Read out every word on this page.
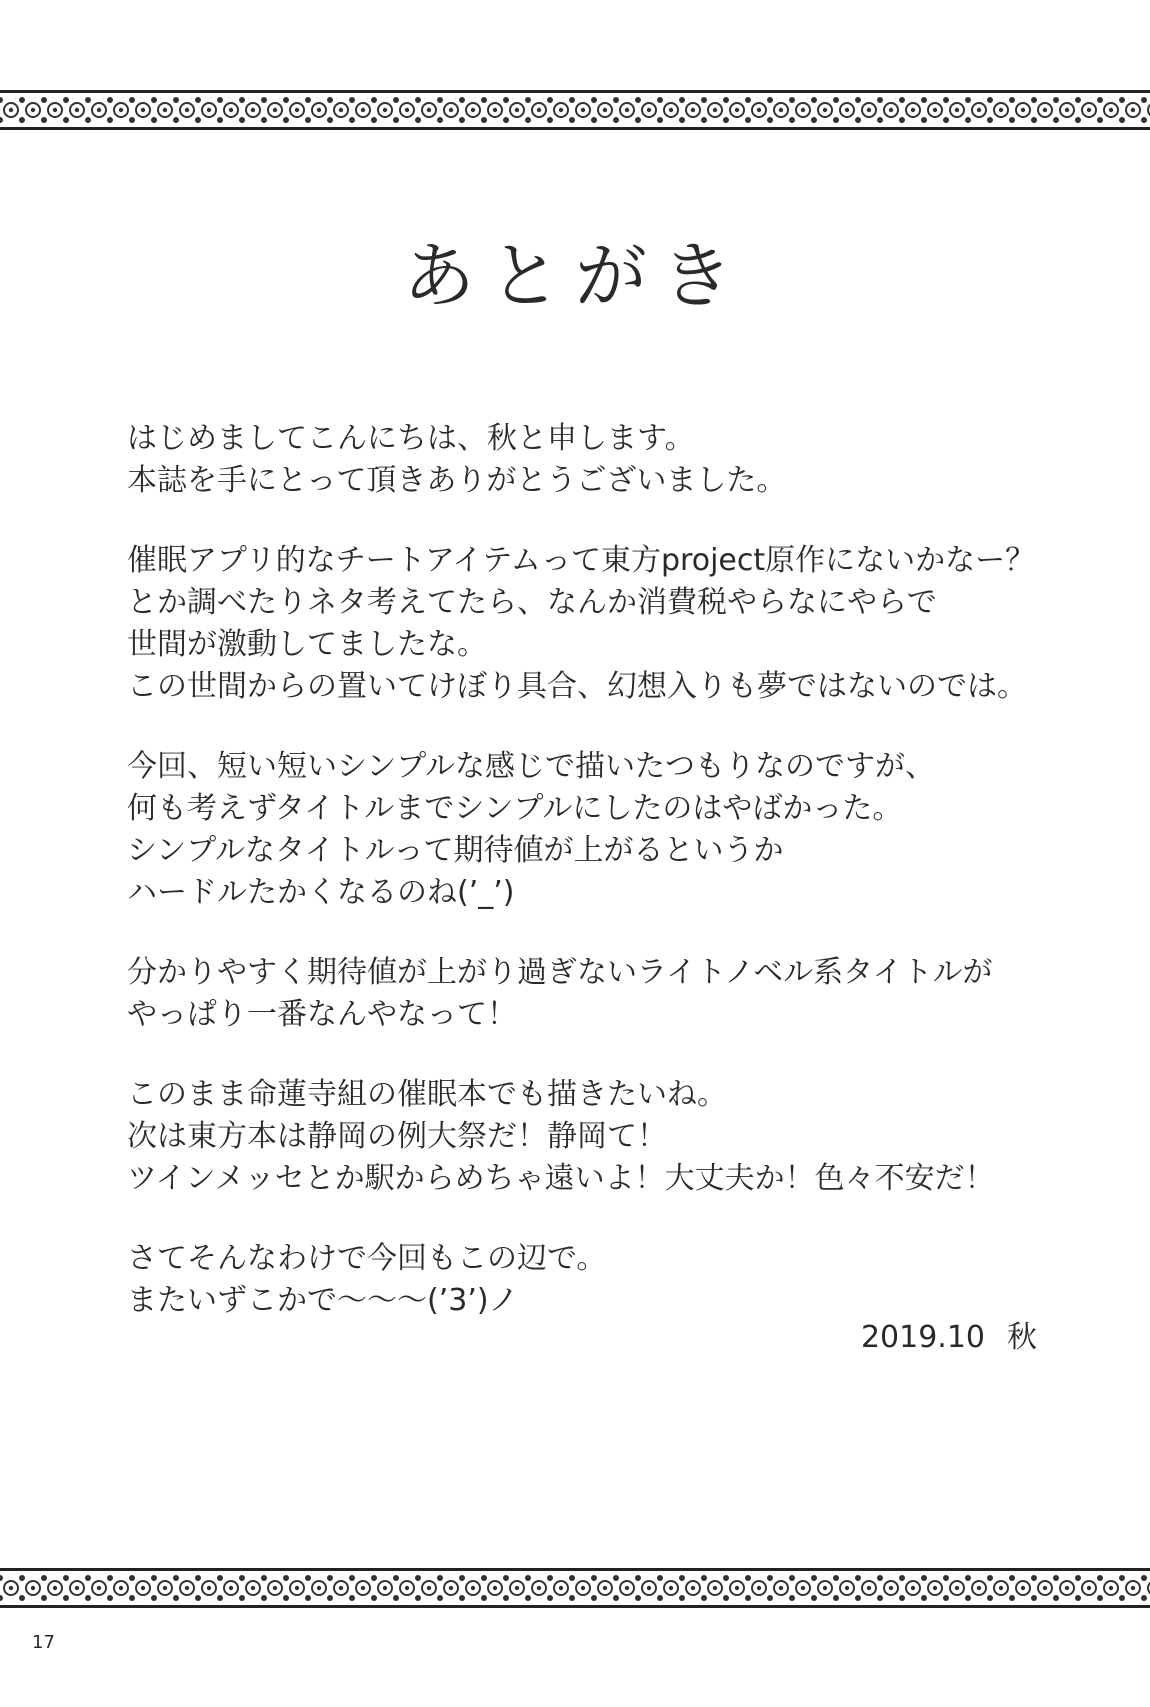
あとがき
はじめましてこんにちは、秋と申します。
本誌を手にとって頂きありがとうございました。
催眠アプリ的なチートアイテムって東方project原作にないかなー？
とか調べたりネタ考えてたら、なんか消費税やらなにやらで
世間が激動してましたな。
この世間からの置いてけぼり具合、幻想入りも夢ではないのでは。
今回、短い短いシンプルな感じで描いたつもりなのですが、
何も考えずタイトルまでシンプルにしたのはやばかった。
シンプルなタイトルって期待値が上がるというか
ハードルたかくなるのね(’_’)
分かりやすく期待値が上がり過ぎないライトノベル系タイトルが
やっぱり一番なんやなって！
このまま命蓮寺組の催眠本でも描きたいね。
次は東方本は静岡の例大祭だ！静岡て！
ツインメッセとか駅からめちゃ遠いよ！大丈夫か！色々不安だ！
さてそんなわけで今回もこの辺で。
またいずこかで〜〜〜(’3’)ノ
2019.10 秋
17
